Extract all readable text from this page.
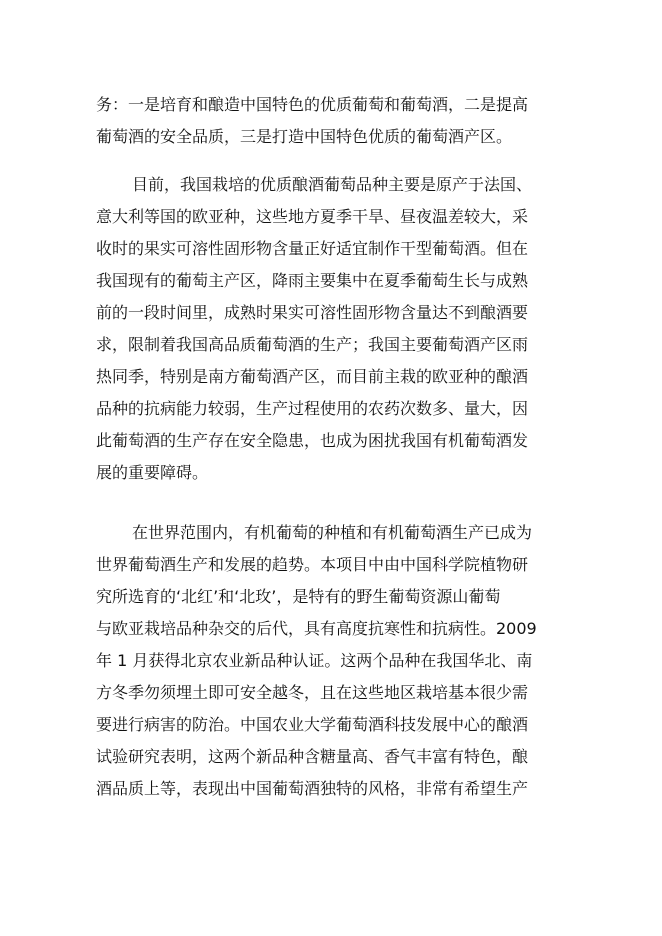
务：一是培育和酿造中国特色的优质葡萄和葡萄酒，二是提高
葡萄酒的安全品质，三是打造中国特色优质的葡萄酒产区。
目前，我国栽培的优质酿酒葡萄品种主要是原产于法国、
意大利等国的欧亚种，这些地方夏季干旱、昼夜温差较大，采
收时的果实可溶性固形物含量正好适宜制作干型葡萄酒。但在
我国现有的葡萄主产区，降雨主要集中在夏季葡萄生长与成熟
前的一段时间里，成熟时果实可溶性固形物含量达不到酿酒要
求，限制着我国高品质葡萄酒的生产；我国主要葡萄酒产区雨
热同季，特别是南方葡萄酒产区，而目前主栽的欧亚种的酿酒
品种的抗病能力较弱，生产过程使用的农药次数多、量大，因
此葡萄酒的生产存在安全隐患，也成为困扰我国有机葡萄酒发
展的重要障碍。
在世界范围内，有机葡萄的种植和有机葡萄酒生产已成为
世界葡萄酒生产和发展的趋势。本项目中由中国科学院植物研
究所选育的‘北红’和‘北玫’，是特有的野生葡萄资源山葡萄
与欧亚栽培品种杂交的后代，具有高度抗寒性和抗病性。2009
年 1 月获得北京农业新品种认证。这两个品种在我国华北、南
方冬季勿须埋土即可安全越冬，且在这些地区栽培基本很少需
要进行病害的防治。中国农业大学葡萄酒科技发展中心的酿酒
试验研究表明，这两个新品种含糖量高、香气丰富有特色，酿
酒品质上等，表现出中国葡萄酒独特的风格，非常有希望生产
